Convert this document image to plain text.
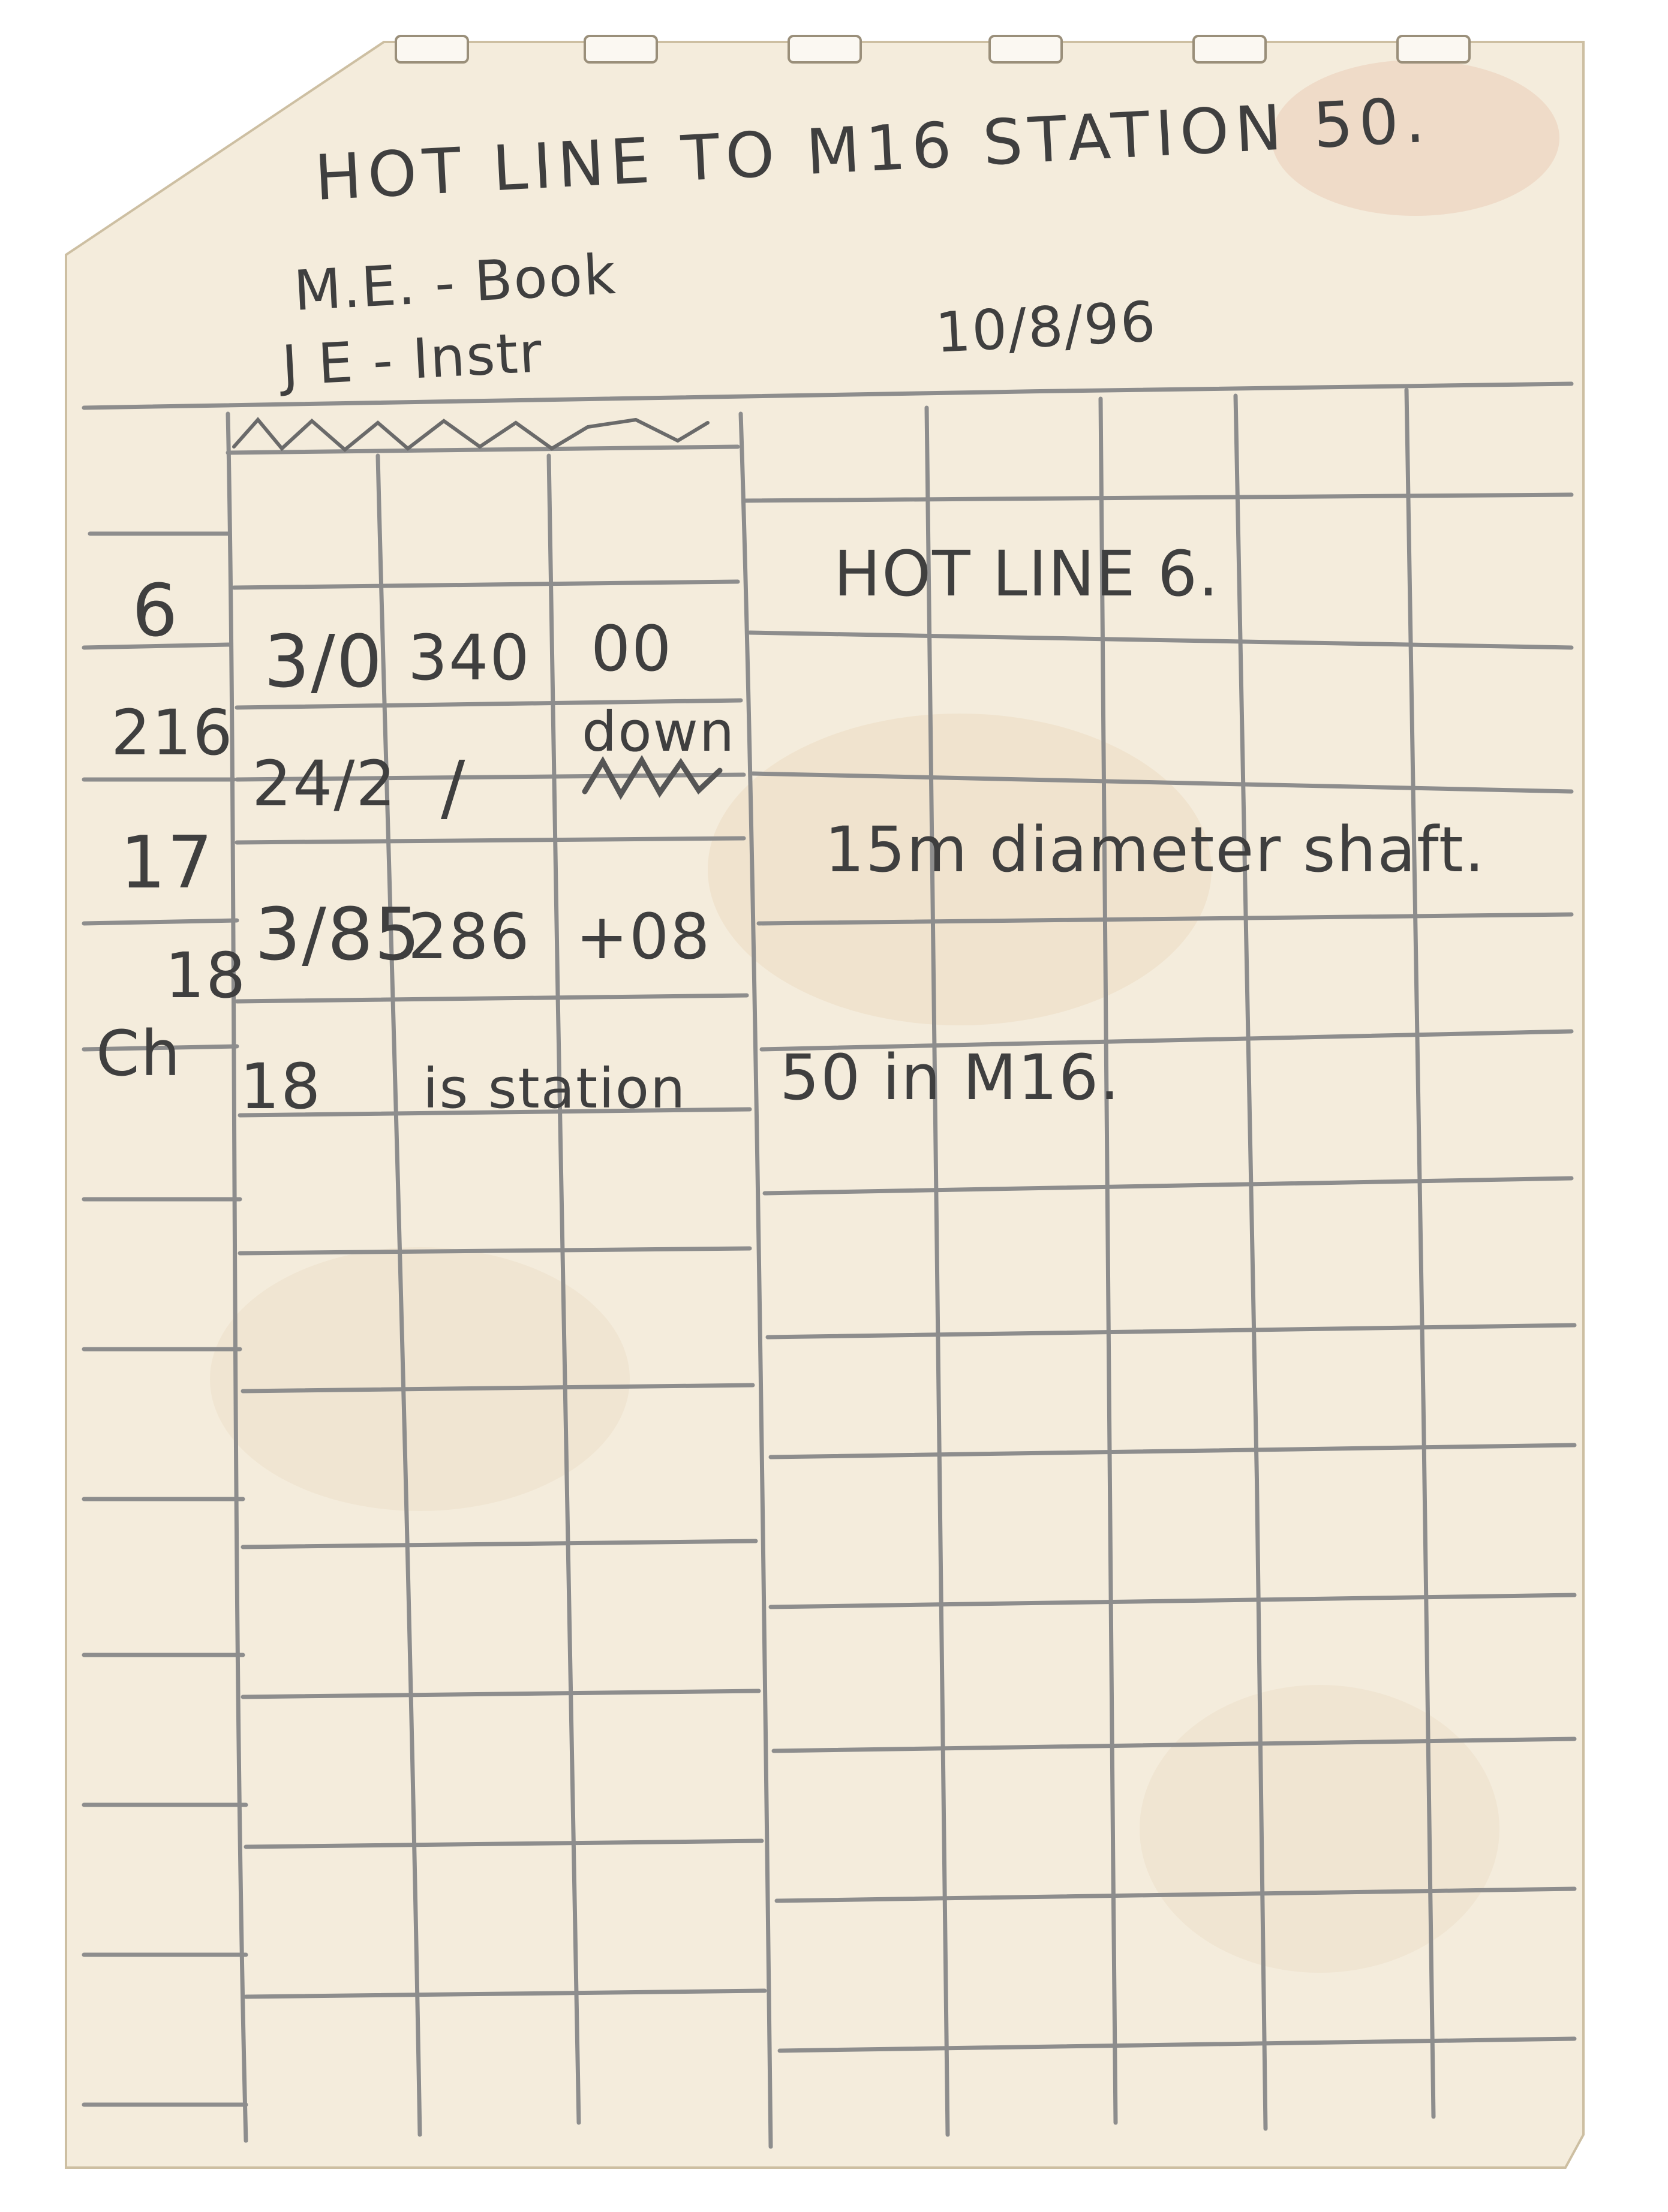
HOT LINE TO M16 STATION 50.
M.E. - Book
J E - Instr	10/8/96
6
216
17
18
Ch
3/0 340 00
24/2 /
down
3/85
286 +08
18 is station
HOT LINE 6.
15m diameter shaft.
50 in M16.
